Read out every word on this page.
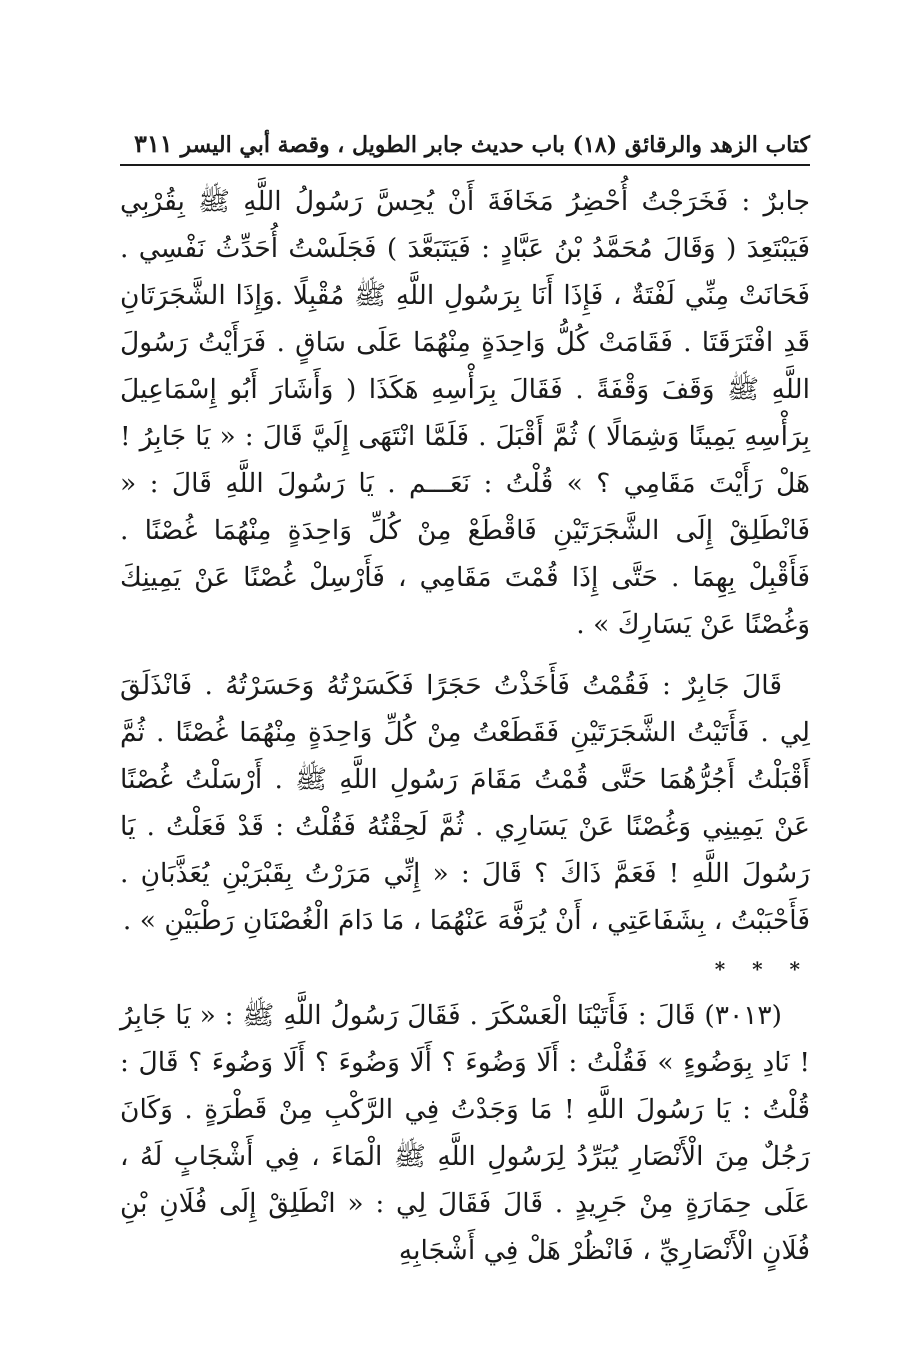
كتاب الزهد والرقائق (١٨) باب حديث جابر الطويل ، وقصة أبي اليسر
٣١١

جابرٌ : فَخَرَجْتُ أُحْضِرُ مَخَافَةَ أَنْ يُحِسَّ رَسُولُ اللَّهِ ﷺ بِقُرْبِي فَيَبْتَعِدَ ( وَقَالَ مُحَمَّدُ بْنُ عَبَّادٍ : فَيَتَبَعَّدَ ) فَجَلَسْتُ أُحَدِّثُ نَفْسِي . فَحَانَتْ مِنِّي لَفْتَةٌ ، فَإِذَا أَنَا بِرَسُولِ اللَّهِ ﷺ مُقْبِلًا .وَإِذَا الشَّجَرَتَانِ قَدِ افْتَرَقَتَا . فَقَامَتْ كُلُّ وَاحِدَةٍ مِنْهُمَا عَلَى سَاقٍ . فَرَأَيْتُ رَسُولَ اللَّهِ ﷺ وَقَفَ وَقْفَةً . فَقَالَ بِرَأْسِهِ هَكَذَا ( وَأَشَارَ أَبُو إِسْمَاعِيلَ بِرَأْسِهِ يَمِينًا وَشِمَالًا ) ثُمَّ أَقْبَلَ . فَلَمَّا انْتَهَى إِلَيَّ قَالَ : « يَا جَابِرُ ! هَلْ رَأَيْتَ مَقَامِي ؟ » قُلْتُ : نَعَـــم . يَا رَسُولَ اللَّهِ قَالَ : « فَانْطَلِقْ إِلَى الشَّجَرَتَيْنِ فَاقْطَعْ مِنْ كُلِّ وَاحِدَةٍ مِنْهُمَا غُصْنًا . فَأَقْبِلْ بِهِمَا . حَتَّى إِذَا قُمْتَ مَقَامِي ، فَأَرْسِلْ غُصْنًا عَنْ يَمِينِكَ وَغُصْنًا عَنْ يَسَارِكَ » .

قَالَ جَابِرٌ : فَقُمْتُ فَأَخَذْتُ حَجَرًا فَكَسَرْتُهُ وَحَسَرْتُهُ . فَانْذَلَقَ لِي . فَأَتَيْتُ الشَّجَرَتَيْنِ فَقَطَعْتُ مِنْ كُلِّ وَاحِدَةٍ مِنْهُمَا غُصْنًا . ثُمَّ أَقْبَلْتُ أَجُرُّهُمَا حَتَّى قُمْتُ مَقَامَ رَسُولِ اللَّهِ ﷺ . أَرْسَلْتُ غُصْنًا عَنْ يَمِينِي وَغُصْنًا عَنْ يَسَارِي . ثُمَّ لَحِقْتُهُ فَقُلْتُ : قَدْ فَعَلْتُ . يَا رَسُولَ اللَّهِ ! فَعَمَّ ذَاكَ ؟ قَالَ : « إِنِّي مَرَرْتُ بِقَبْرَيْنِ يُعَذَّبَانِ . فَأَحْبَبْتُ ، بِشَفَاعَتِي ، أَنْ يُرَفَّهَ عَنْهُمَا ، مَا دَامَ الْغُصْنَانِ رَطْبَيْنِ » .

* * *

(٣٠١٣) قَالَ : فَأَتَيْنَا الْعَسْكَرَ . فَقَالَ رَسُولُ اللَّهِ ﷺ : « يَا جَابِرُ ! نَادِ بِوَضُوءٍ » فَقُلْتُ : أَلَا وَضُوءَ ؟ أَلَا وَضُوءَ ؟ أَلَا وَضُوءَ ؟ قَالَ : قُلْتُ : يَا رَسُولَ اللَّهِ ! مَا وَجَدْتُ فِي الرَّكْبِ مِنْ قَطْرَةٍ . وَكَانَ رَجُلٌ مِنَ الْأَنْصَارِ يُبَرِّدُ لِرَسُولِ اللَّهِ ﷺ الْمَاءَ ، فِي أَشْجَابٍ لَهُ ، عَلَى حِمَارَةٍ مِنْ جَرِيدٍ . قَالَ فَقَالَ لِي : « انْطَلِقْ إِلَى فُلَانِ بْنِ فُلَانٍ الْأَنْصَارِيِّ ، فَانْظُرْ هَلْ فِي أَشْجَابِهِ
